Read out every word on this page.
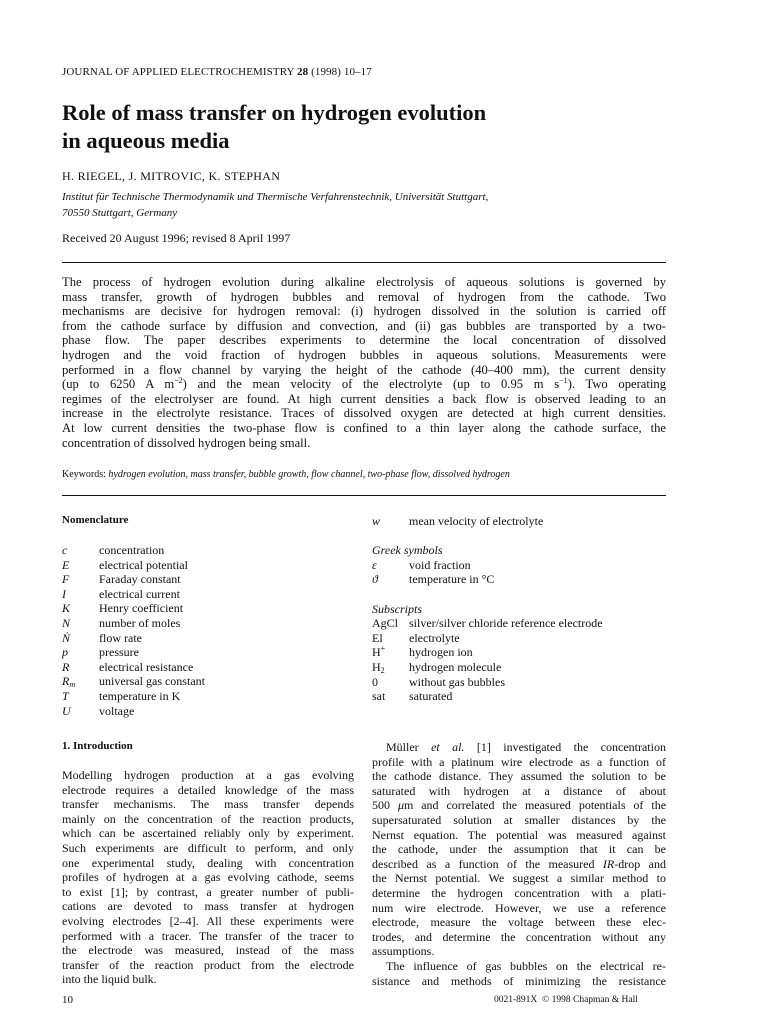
JOURNAL OF APPLIED ELECTROCHEMISTRY 28 (1998) 10–17
Role of mass transfer on hydrogen evolution
in aqueous media
H. RIEGEL, J. MITROVIC, K. STEPHAN
Institut für Technische Thermodynamik und Thermische Verfahrenstechnik, Universität Stuttgart,
70550 Stuttgart, Germany
Received 20 August 1996; revised 8 April 1997
The process of hydrogen evolution during alkaline electrolysis of aqueous solutions is governed by
mass transfer, growth of hydrogen bubbles and removal of hydrogen from the cathode. Two
mechanisms are decisive for hydrogen removal: (i) hydrogen dissolved in the solution is carried off
from the cathode surface by diffusion and convection, and (ii) gas bubbles are transported by a two-
phase flow. The paper describes experiments to determine the local concentration of dissolved
hydrogen and the void fraction of hydrogen bubbles in aqueous solutions. Measurements were
performed in a flow channel by varying the height of the cathode (40–400 mm), the current density
(up to 6250 A $m^{-2}$) and the mean velocity of the electrolyte (up to 0.95 m $s^{-1}$). Two operating
regimes of the electrolyser are found. At high current densities a back flow is observed leading to an
increase in the electrolyte resistance. Traces of dissolved oxygen are detected at high current densities.
At low current densities the two-phase flow is confined to a thin layer along the cathode surface, the
concentration of dissolved hydrogen being small.
Keywords: hydrogen evolution, mass transfer, bubble growth, flow channel, two-phase flow, dissolved hydrogen
Nomenclature
c	concentration
E electrical potential
F Faraday constant
I	electrical current
K Henry coefficient
N number of moles
Ṅ flow rate
p	pressure
R electrical resistance
$R_m$ universal gas constant
T	temperature in K
U voltage
w mean velocity of electrolyte
Greek symbols
ε	void fraction
ϑ	temperature in °C
Subscripts
AgCl silver/silver chloride reference electrode
El electrolyte
H+ hydrogen ion
$H_2$ hydrogen molecule
0	without gas bubbles
sat saturated
1. Introduction
Modelling hydrogen production at a gas evolving
electrode requires a detailed knowledge of the mass
transfer mechanisms. The mass transfer depends
mainly on the concentration of the reaction products,
which can be ascertained reliably only by experiment.
Such experiments are difficult to perform, and only
one experimental study, dealing with concentration
profiles of hydrogen at a gas evolving cathode, seems
to exist [1]; by contrast, a greater number of publi-
cations are devoted to mass transfer at hydrogen
evolving electrodes [2–4]. All these experiments were
performed with a tracer. The transfer of the tracer to
the electrode was measured, instead of the mass
transfer of the reaction product from the electrode
into the liquid bulk.
Müller et al. [1] investigated the concentration
profile with a platinum wire electrode as a function of
the cathode distance. They assumed the solution to be
saturated with hydrogen at a distance of about
500 μm and correlated the measured potentials of the
supersaturated solution at smaller distances by the
Nernst equation. The potential was measured against
the cathode, under the assumption that it can be
described as a function of the measured IR-drop and
the Nernst potential. We suggest a similar method to
determine the hydrogen concentration with a plati-
num wire electrode. However, we use a reference
electrode, measure the voltage between these elec-
trodes, and determine the concentration without any
assumptions.
The influence of gas bubbles on the electrical re-
sistance and methods of minimizing the resistance
10	0021-891X © 1998 Chapman & Hall
